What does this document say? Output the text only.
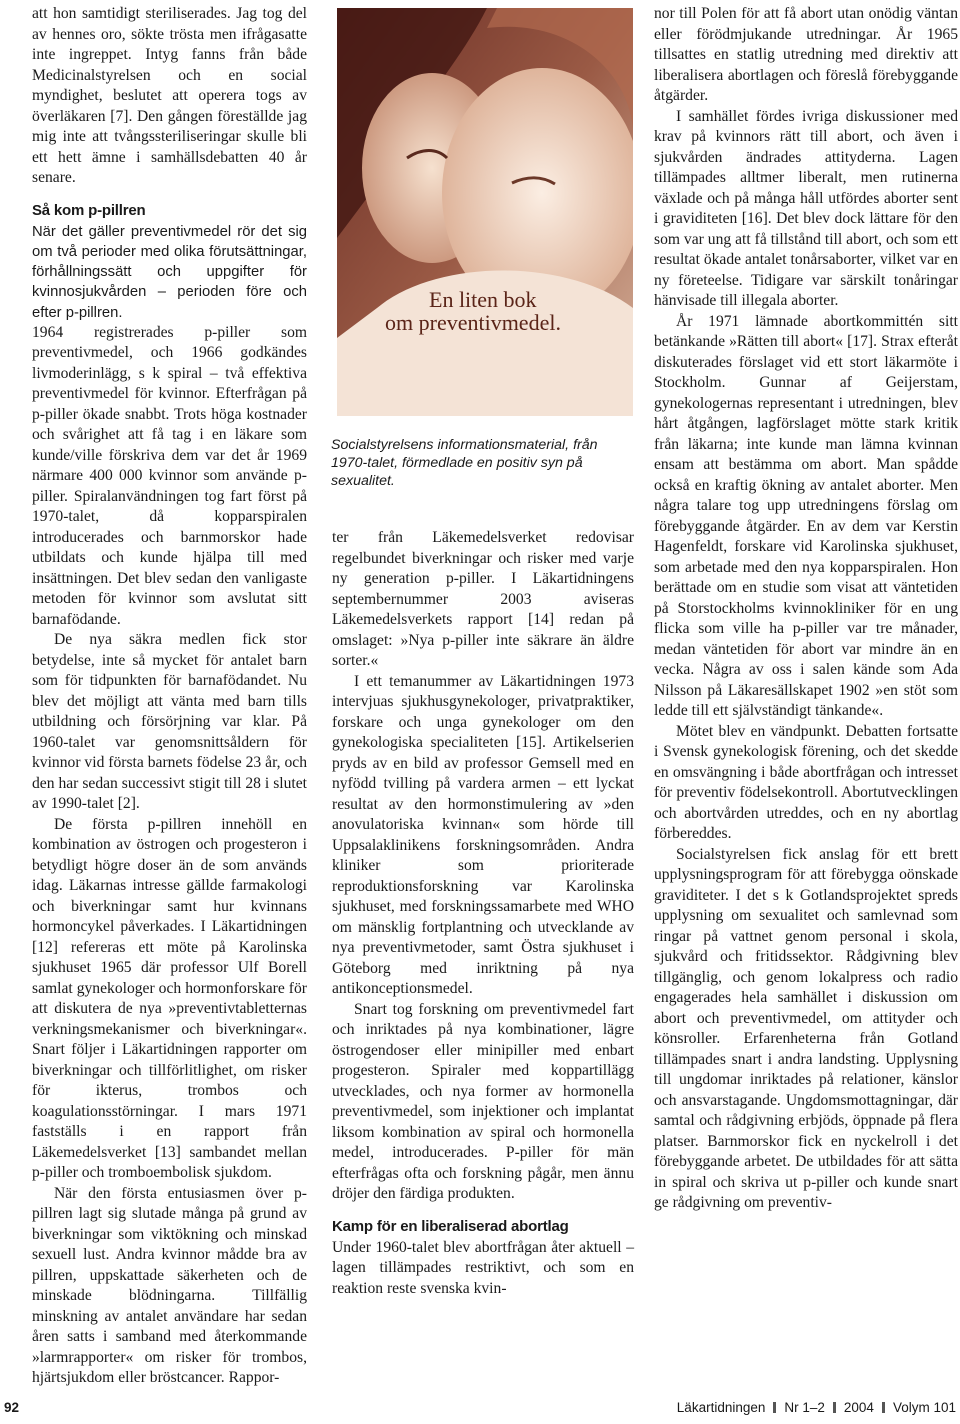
att hon samtidigt steriliserades. Jag tog del av hennes oro, sökte trösta men ifrågasatte inte ingreppet. Intyg fanns från både Medicinalstyrelsen och en social myndighet, beslutet att operera togs av överläkaren [7]. Den gången föreställde jag mig inte att tvångssteriliseringar skulle bli ett hett ämne i samhällsdebatten 40 år senare.

Så kom p-pillren

När det gäller preventivmedel rör det sig om två perioder med olika förutsättningar, förhållningssätt och uppgifter för kvinnosjukvården – perioden före och efter p-pillren.

1964 registrerades p-piller som preventivmedel, och 1966 godkändes livmoderinlägg, s k spiral – två effektiva preventivmedel för kvinnor. Efterfrågan på p-piller ökade snabbt. Trots höga kostnader och svårighet att få tag i en läkare som kunde/ville förskriva dem var det år 1969 närmare 400 000 kvinnor som använde p-piller. Spiralanvändningen tog fart först på 1970-talet, då kopparspiralen introducerades och barnmorskor hade utbildats och kunde hjälpa till med insättningen. Det blev sedan den vanligaste metoden för kvinnor som avslutat sitt barnafödande.

De nya säkra medlen fick stor betydelse, inte så mycket för antalet barn som för tidpunkten för barnafödandet. Nu blev det möjligt att vänta med barn tills utbildning och försörjning var klar. På 1960-talet var genomsnittsåldern för kvinnor vid första barnets födelse 23 år, och den har sedan successivt stigit till 28 i slutet av 1990-talet [2].

De första p-pillren innehöll en kombination av östrogen och progesteron i betydligt högre doser än de som används idag. Läkarnas intresse gällde farmakologi och biverkningar samt hur kvinnans hormoncykel påverkades. I Läkartidningen [12] refereras ett möte på Karolinska sjukhuset 1965 där professor Ulf Borell samlat gynekologer och hormonforskare för att diskutera de nya »preventivtabletternas verkningsmekanismer och biverkningar«. Snart följer i Läkartidningen rapporter om biverkningar och tillförlitlighet, om risker för ikterus, trombos och koagulationsstörningar. I mars 1971 fastställs i en rapport från Läkemedelsverket [13] sambandet mellan p-piller och tromboembolisk sjukdom.

När den första entusiasmen över p-pillren lagt sig slutade många på grund av biverkningar som viktökning och minskad sexuell lust. Andra kvinnor mådde bra av pillren, uppskattade säkerheten och de minskade blödningarna. Tillfällig minskning av antalet användare har sedan åren satts i samband med återkommande »larmrapporter« om risker för trombos, hjärtsjukdom eller bröstcancer. Rappor-

En liten bok
om preventivmedel.
Socialstyrelsens informationsmaterial, från 1970-talet, förmedlade en positiv syn på sexualitet.

ter från Läkemedelsverket redovisar regelbundet biverkningar och risker med varje ny generation p-piller. I Läkartidningens septembernummer 2003 aviseras Läkemedelsverkets rapport [14] redan på omslaget: »Nya p-piller inte säkrare än äldre sorter.«

I ett temanummer av Läkartidningen 1973 intervjuas sjukhusgynekologer, privatpraktiker, forskare och unga gynekologer om den gynekologiska specialiteten [15]. Artikelserien pryds av en bild av professor Gemsell med en nyfödd tvilling på vardera armen – ett lyckat resultat av den hormonstimulering av »den anovulatoriska kvinnan« som hörde till Uppsalaklinikens forskningsområden. Andra kliniker som prioriterade reproduktionsforskning var Karolinska sjukhuset, med forskningssamarbete med WHO om mänsklig fortplantning och utvecklande av nya preventivmetoder, samt Östra sjukhuset i Göteborg med inriktning på nya antikonceptionsmedel.

Snart tog forskning om preventivmedel fart och inriktades på nya kombinationer, lägre östrogendoser eller minipiller med enbart progesteron. Spiraler med koppartillägg utvecklades, och nya former av hormonella preventivmedel, som injektioner och implantat liksom kombination av spiral och hormonella medel, introducerades. P-piller för män efterfrågas ofta och forskning pågår, men ännu dröjer den färdiga produkten.

Kamp för en liberaliserad abortlag

Under 1960-talet blev abortfrågan åter aktuell – lagen tillämpades restriktivt, och som en reaktion reste svenska kvin-

nor till Polen för att få abort utan onödig väntan eller förödmjukande utredningar. År 1965 tillsattes en statlig utredning med direktiv att liberalisera abortlagen och föreslå förebyggande åtgärder.

I samhället fördes ivriga diskussioner med krav på kvinnors rätt till abort, och även i sjukvården ändrades attityderna. Lagen tillämpades alltmer liberalt, men rutinerna växlade och på många håll utfördes aborter sent i graviditeten [16]. Det blev dock lättare för den som var ung att få tillstånd till abort, och som ett resultat ökade antalet tonårsaborter, vilket var en ny företeelse. Tidigare var särskilt tonåringar hänvisade till illegala aborter.

År 1971 lämnade abortkommittén sitt betänkande »Rätten till abort« [17]. Strax efteråt diskuterades förslaget vid ett stort läkarmöte i Stockholm. Gunnar af Geijerstam, gynekologernas representant i utredningen, blev hårt åtgången, lagförslaget mötte stark kritik från läkarna; inte kunde man lämna kvinnan ensam att bestämma om abort. Man spådde också en kraftig ökning av antalet aborter. Men några talare tog upp utredningens förslag om förebyggande åtgärder. En av dem var Kerstin Hagenfeldt, forskare vid Karolinska sjukhuset, som arbetade med den nya kopparspiralen. Hon berättade om en studie som visat att väntetiden på Storstockholms kvinnokliniker för en ung flicka som ville ha p-piller var tre månader, medan väntetiden för abort var mindre än en vecka. Några av oss i salen kände som Ada Nilsson på Läkaresällskapet 1902 »en stöt som ledde till ett självständigt tänkande«.

Mötet blev en vändpunkt. Debatten fortsatte i Svensk gynekologisk förening, och det skedde en omsvängning i både abortfrågan och intresset för preventiv födelsekontroll. Abortutvecklingen och abortvården utreddes, och en ny abortlag förbereddes.

Socialstyrelsen fick anslag för ett brett upplysningsprogram för att förebygga oönskade graviditeter. I det s k Gotlandsprojektet spreds upplysning om sexualitet och samlevnad som ringar på vattnet genom personal i skola, sjukvård och fritidssektor. Rådgivning blev tillgänglig, och genom lokalpress och radio engagerades hela samhället i diskussion om abort och preventivmedel, om attityder och könsroller. Erfarenheterna från Gotland tillämpades snart i andra landsting. Upplysning till ungdomar inriktades på relationer, känslor och ansvarstagande. Ungdomsmottagningar, där samtal och rådgivning erbjöds, öppnade på flera platser. Barnmorskor fick en nyckelroll i det förebyggande arbetet. De utbildades för att sätta in spiral och skriva ut p-piller och kunde snart ge rådgivning om preventiv-

92	Läkartidningen Nr 1–2 2004 Volym 101
